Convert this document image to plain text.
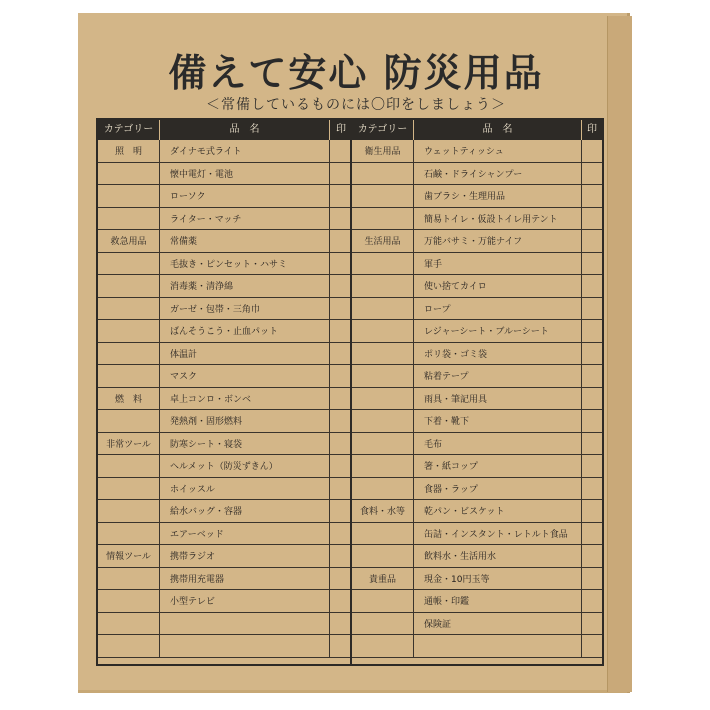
備えて安心 防災用品
＜常備しているものには〇印をしましょう＞
カテゴリー	品　名	印
照　明	ダイナモ式ライト
懐中電灯・電池
ローソク
ライター・マッチ
救急用品	常備薬
毛抜き・ピンセット・ハサミ
消毒薬・清浄綿
ガーゼ・包帯・三角巾
ばんそうこう・止血パット
体温計
マスク
燃　料	卓上コンロ・ボンベ
発熱剤・固形燃料
非常ツール	防寒シート・寝袋
ヘルメット（防災ずきん）
ホイッスル
給水バッグ・容器
エアーベッド
情報ツール	携帯ラジオ
携帯用充電器
小型テレビ
カテゴリー	品　名	印
衛生用品	ウェットティッシュ
石鹸・ドライシャンプー
歯ブラシ・生理用品
簡易トイレ・仮設トイレ用テント
生活用品	万能バサミ・万能ナイフ
軍手
使い捨てカイロ
ロープ
レジャーシート・ブルーシート
ポリ袋・ゴミ袋
粘着テープ
雨具・筆記用具
下着・靴下
毛布
箸・紙コップ
食器・ラップ
食料・水等	乾パン・ビスケット
缶詰・インスタント・レトルト食品
飲料水・生活用水
貴重品	現金・10円玉等
通帳・印鑑
保険証
